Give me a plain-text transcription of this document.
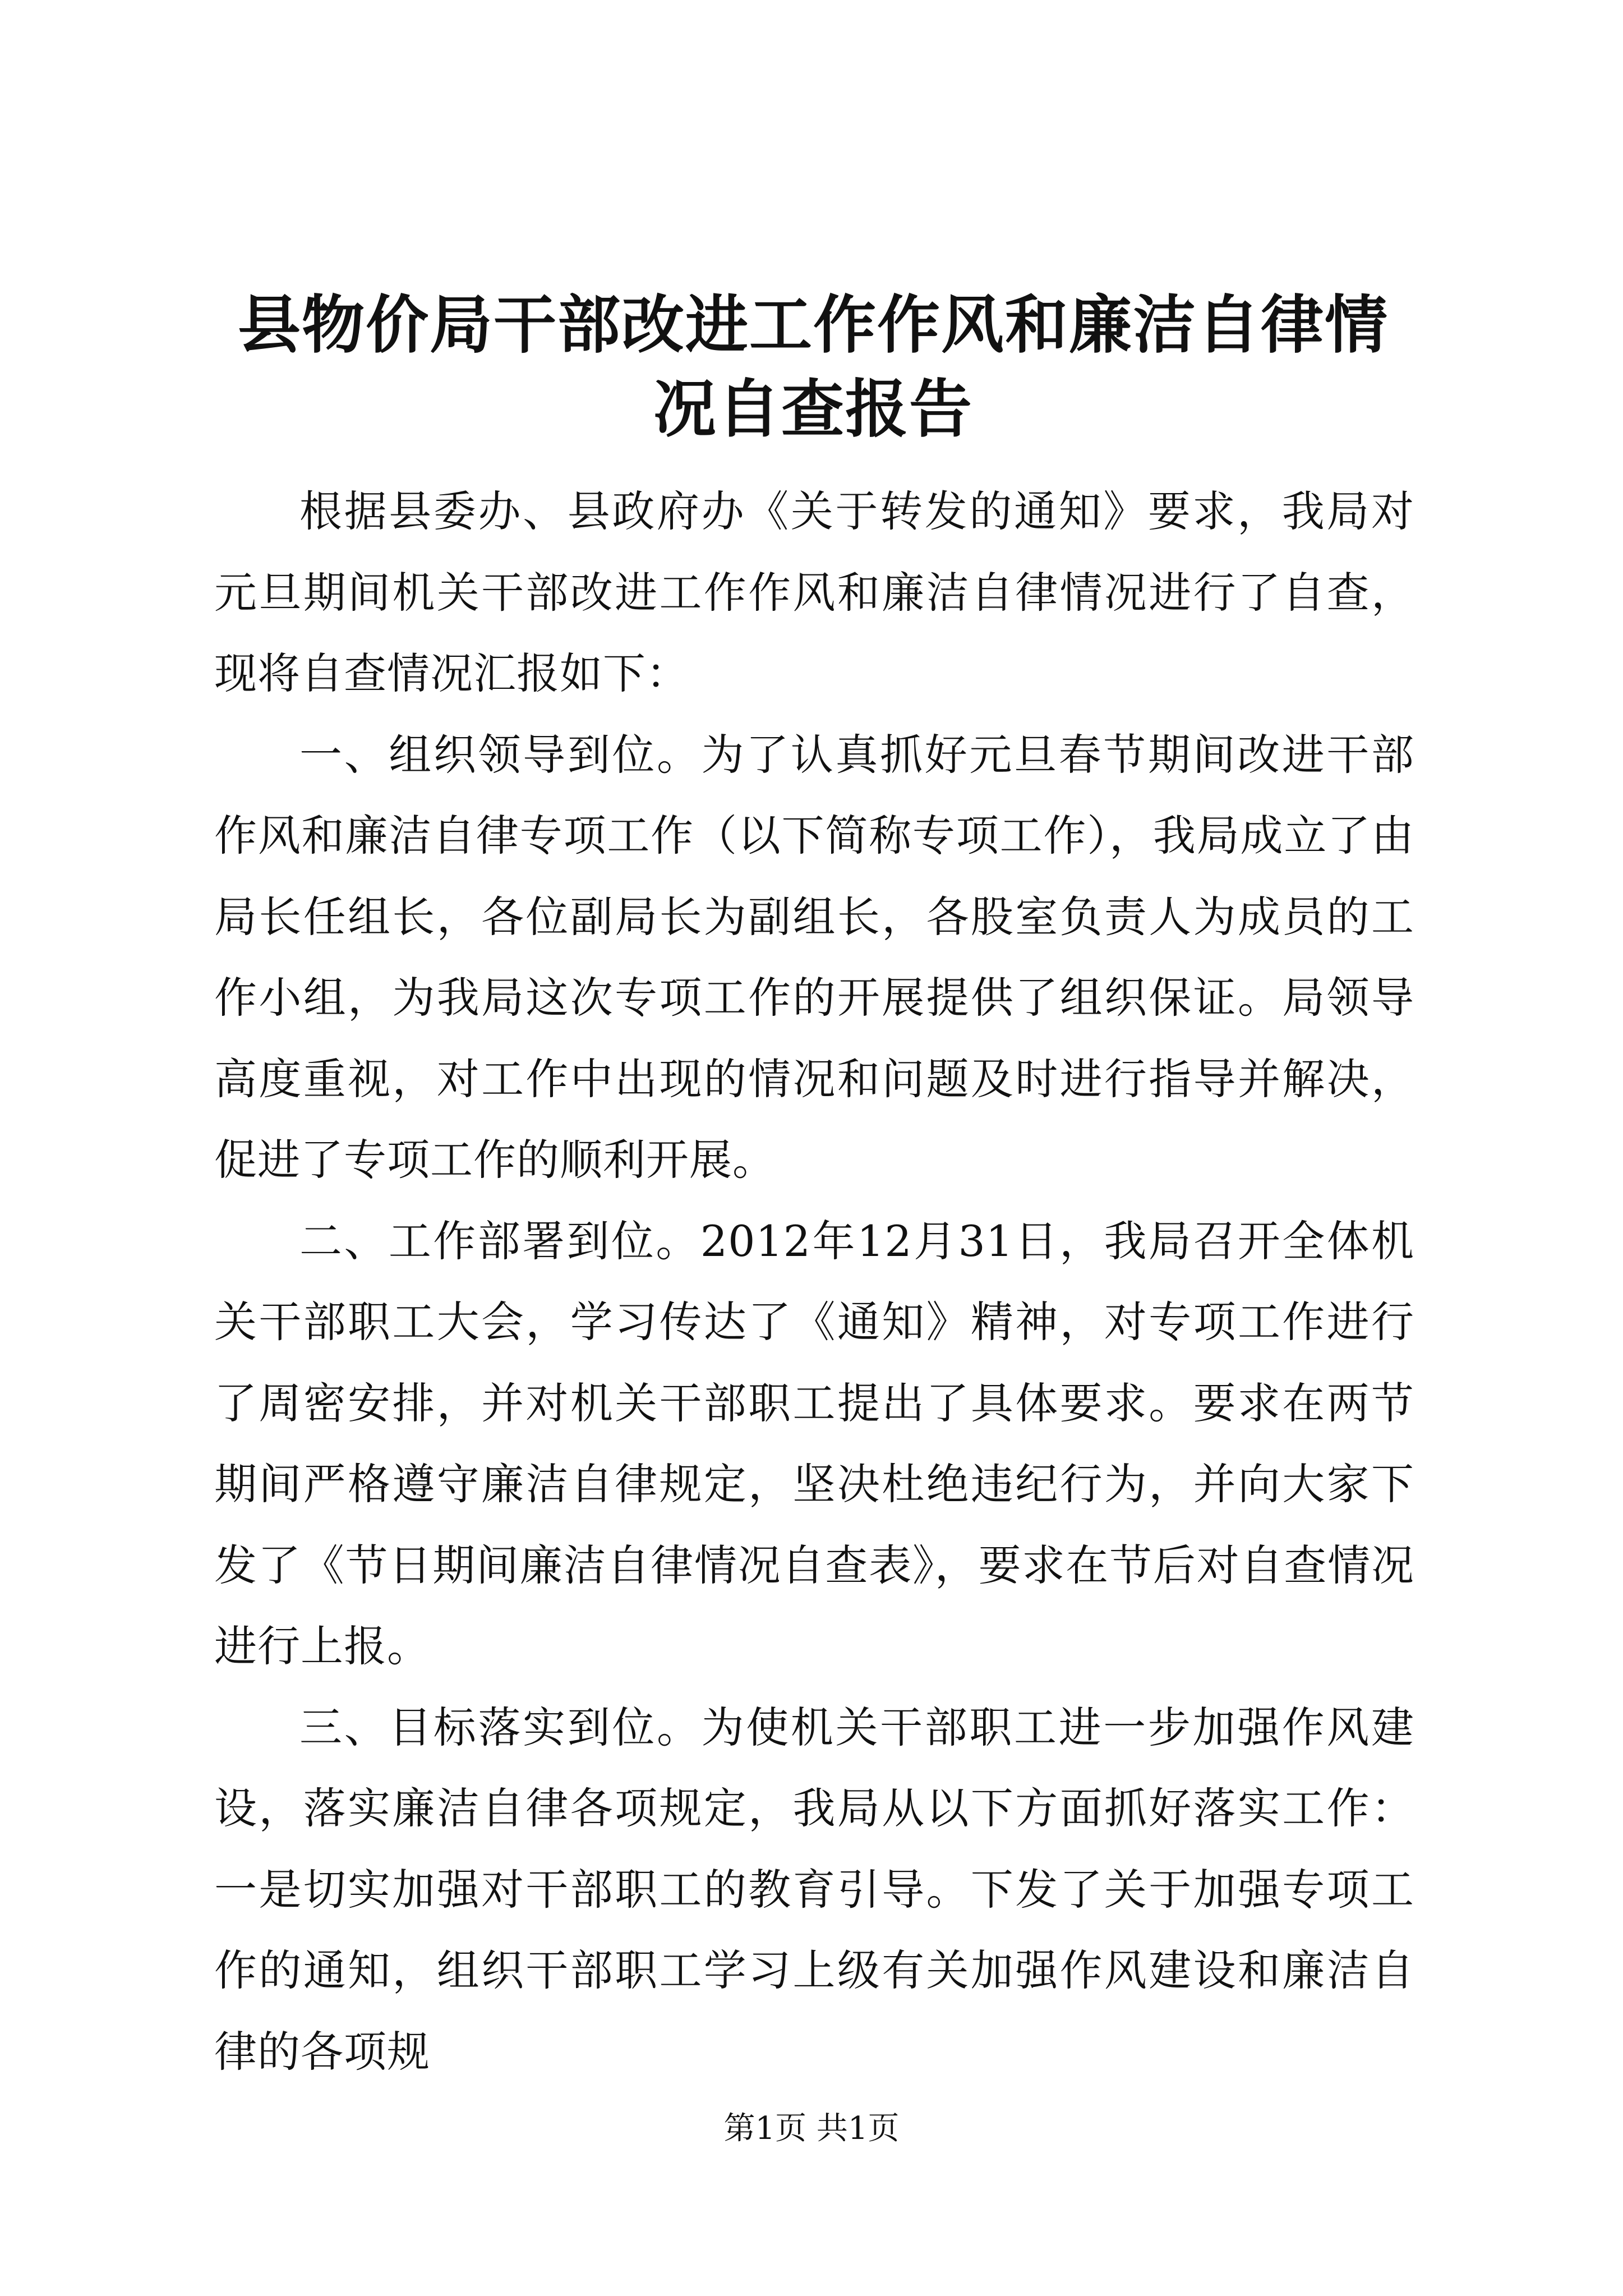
县物价局干部改进工作作风和廉洁自律情况自查报告

根据县委办、县政府办《关于转发的通知》要求，我局对元旦期间机关干部改进工作作风和廉洁自律情况进行了自查，现将自查情况汇报如下：

一、组织领导到位。为了认真抓好元旦春节期间改进干部作风和廉洁自律专项工作（以下简称专项工作），我局成立了由局长任组长，各位副局长为副组长，各股室负责人为成员的工作小组，为我局这次专项工作的开展提供了组织保证。局领导高度重视，对工作中出现的情况和问题及时进行指导并解决，促进了专项工作的顺利开展。

二、工作部署到位。2012年12月31日，我局召开全体机关干部职工大会，学习传达了《通知》精神，对专项工作进行了周密安排，并对机关干部职工提出了具体要求。要求在两节期间严格遵守廉洁自律规定，坚决杜绝违纪行为，并向大家下发了《节日期间廉洁自律情况自查表》，要求在节后对自查情况进行上报。

三、目标落实到位。为使机关干部职工进一步加强作风建设，落实廉洁自律各项规定，我局从以下方面抓好落实工作：一是切实加强对干部职工的教育引导。下发了关于加强专项工作的通知，组织干部职工学习上级有关加强作风建设和廉洁自律的各项规

第1页 共1页
